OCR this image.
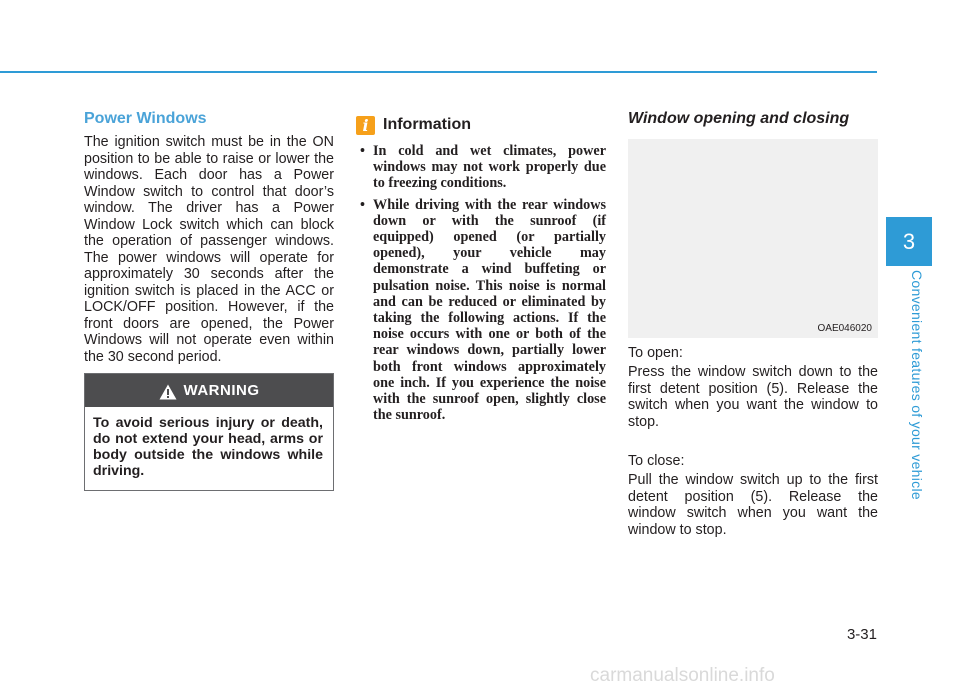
Power Windows

The ignition switch must be in the ON position to be able to raise or lower the windows. Each door has a Power Window switch to control that door’s window. The driver has a Power Window Lock switch which can block the operation of passenger windows. The power windows will operate for approximately 30 seconds after the ignition switch is placed in the ACC or LOCK/OFF position. However, if the front doors are opened, the Power Windows will not operate even within the 30 second period.

WARNING
To avoid serious injury or death, do not extend your head, arms or body outside the windows while driving.
i Information
• In cold and wet climates, power windows may not work properly due to freezing conditions.
• While driving with the rear windows down or with the sunroof (if equipped) opened (or partially opened), your vehicle may demonstrate a wind buffeting or pulsation noise. This noise is normal and can be reduced or eliminated by taking the following actions. If the noise occurs with one or both of the rear windows down, partially lower both front windows approximately one inch. If you experience the noise with the sunroof open, slightly close the sunroof.
Window opening and closing
OAE046020

To open:

Press the window switch down to the first detent position (5). Release the switch when you want the window to stop.

To close:

Pull the window switch up to the first detent position (5). Release the window switch when you want the window to stop.

3
Convenient features of your vehicle
3-31
carmanualsonline.info
